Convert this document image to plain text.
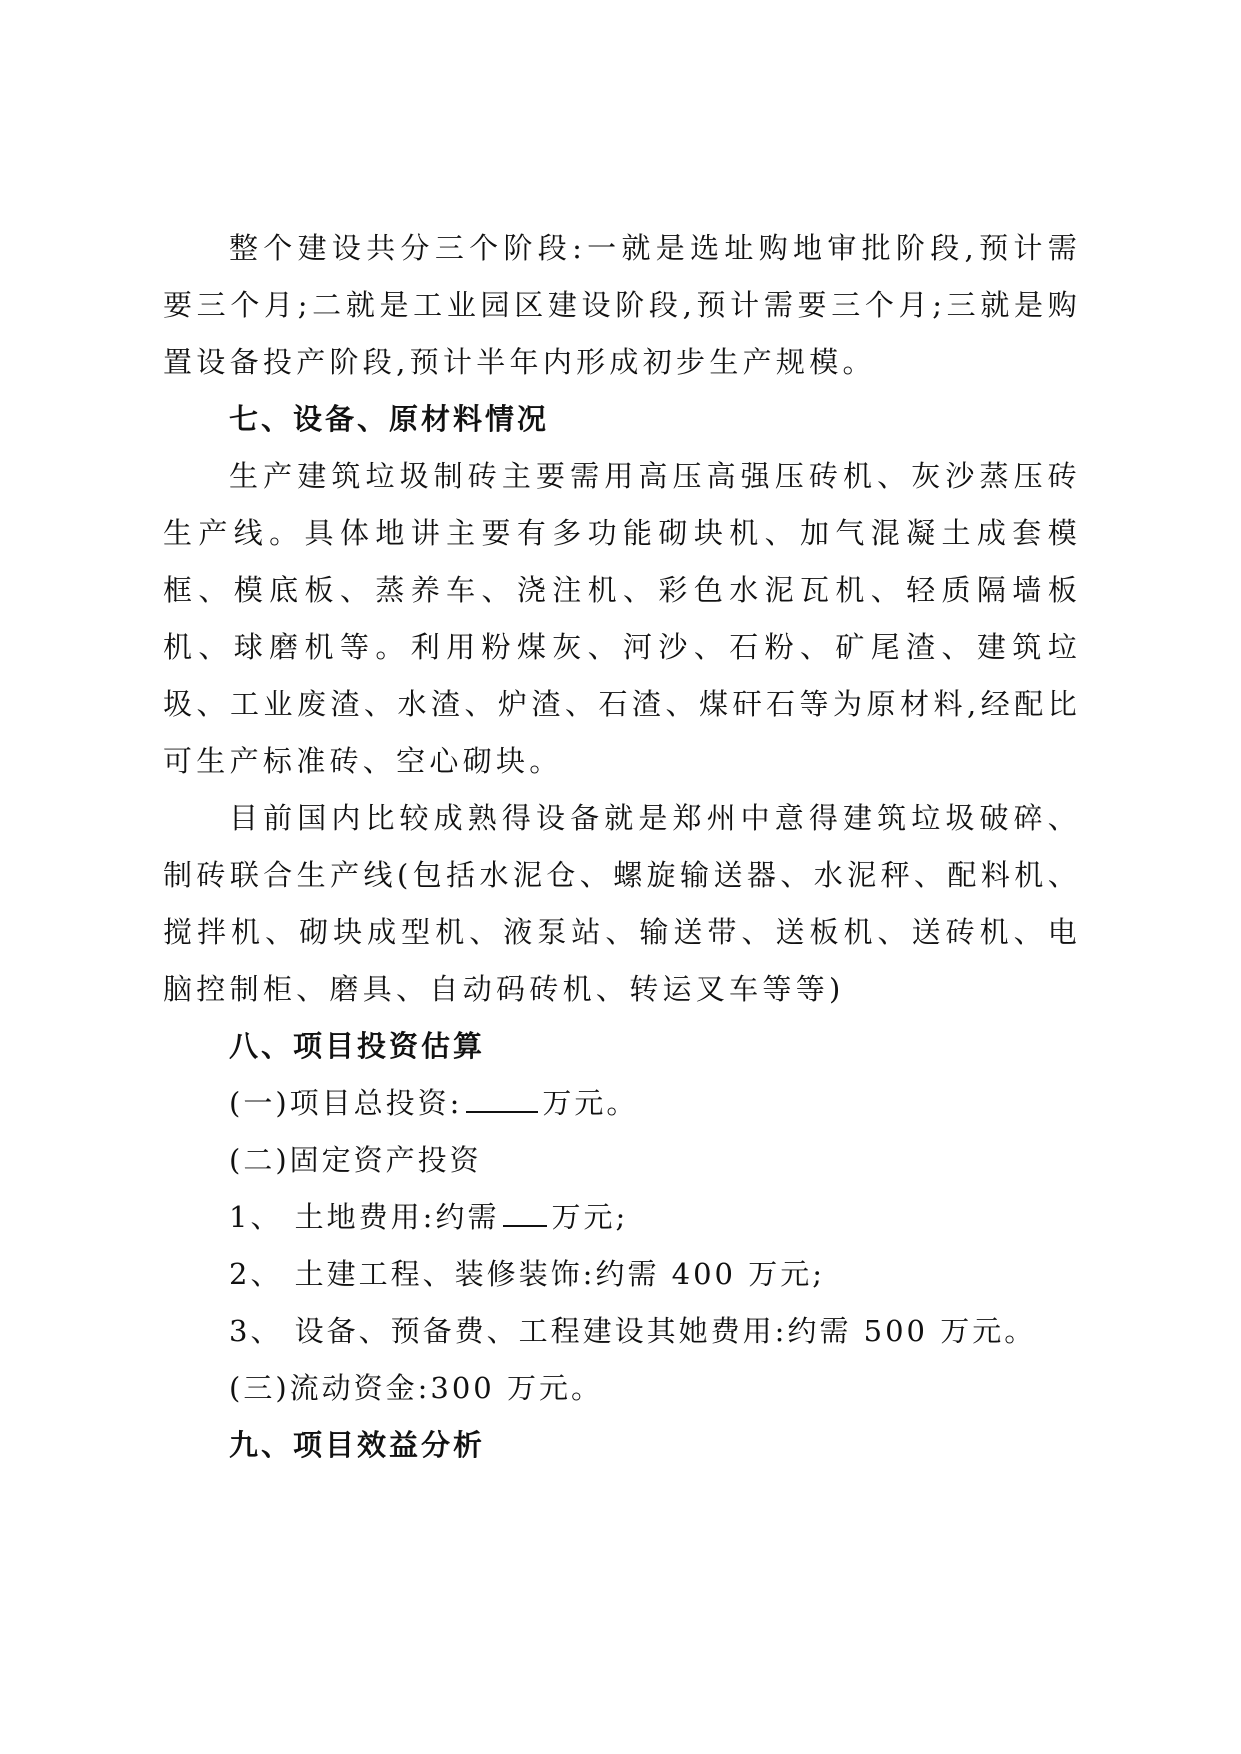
整个建设共分三个阶段:一就是选址购地审批阶段,预计需要三个月;二就是工业园区建设阶段,预计需要三个月;三就是购置设备投产阶段,预计半年内形成初步生产规模。

七、设备、原材料情况

生产建筑垃圾制砖主要需用高压高强压砖机、灰沙蒸压砖生产线。具体地讲主要有多功能砌块机、加气混凝土成套模框、模底板、蒸养车、浇注机、彩色水泥瓦机、轻质隔墙板机、球磨机等。利用粉煤灰、河沙、石粉、矿尾渣、建筑垃圾、工业废渣、水渣、炉渣、石渣、煤矸石等为原材料,经配比可生产标准砖、空心砌块。

目前国内比较成熟得设备就是郑州中意得建筑垃圾破碎、制砖联合生产线(包括水泥仓、螺旋输送器、水泥秤、配料机、搅拌机、砌块成型机、液泵站、输送带、送板机、送砖机、电脑控制柜、磨具、自动码砖机、转运叉车等等)

八、项目投资估算

(一)项目总投资:	万元。

(二)固定资产投资

1、 土地费用:约需 万元;

2、 土建工程、装修装饰:约需 400 万元;

3、 设备、预备费、工程建设其她费用:约需 500 万元。

(三)流动资金:300 万元。

九、项目效益分析
